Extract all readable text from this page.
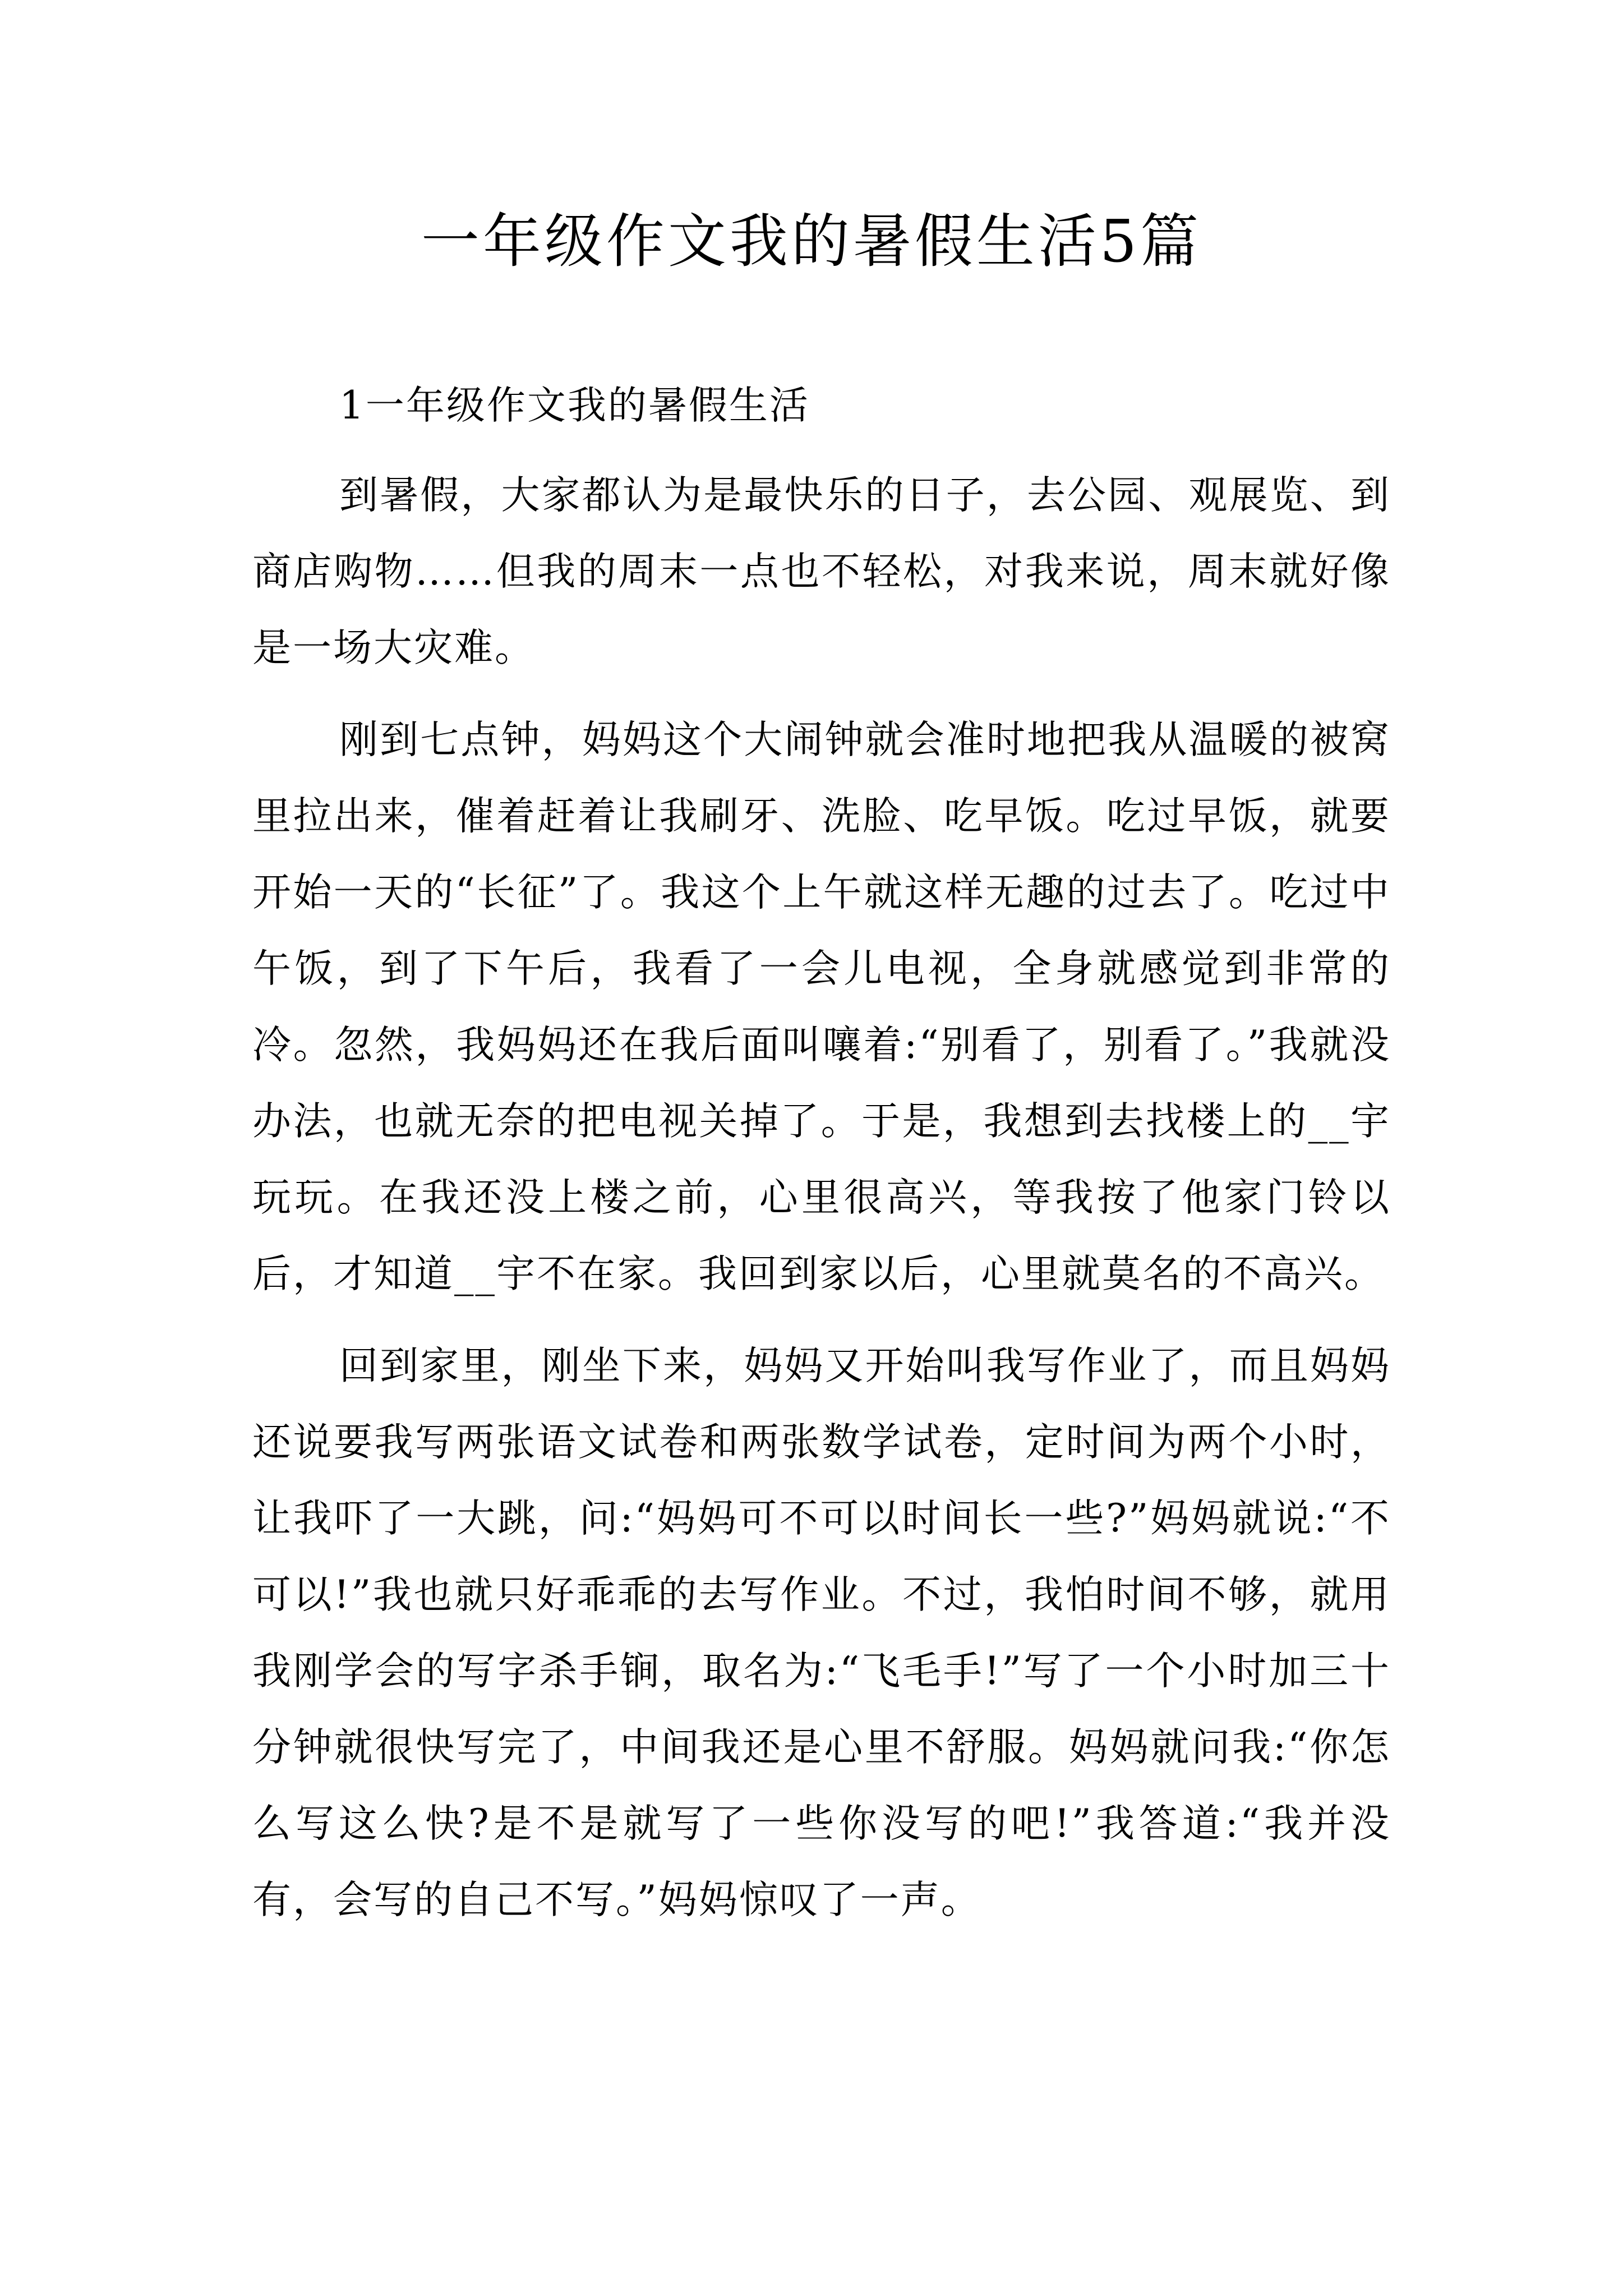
一年级作文我的暑假生活5篇

1一年级作文我的暑假生活

到暑假，大家都认为是最快乐的日子，去公园、观展览、到商店购物……但我的周末一点也不轻松，对我来说，周末就好像是一场大灾难。

刚到七点钟，妈妈这个大闹钟就会准时地把我从温暖的被窝里拉出来，催着赶着让我刷牙、洗脸、吃早饭。吃过早饭，就要开始一天的“长征”了。我这个上午就这样无趣的过去了。吃过中午饭，到了下午后，我看了一会儿电视，全身就感觉到非常的冷。忽然，我妈妈还在我后面叫嚷着:“别看了，别看了。”我就没办法，也就无奈的把电视关掉了。于是，我想到去找楼上的__宇玩玩。在我还没上楼之前，心里很高兴，等我按了他家门铃以后，才知道__宇不在家。我回到家以后，心里就莫名的不高兴。

回到家里，刚坐下来，妈妈又开始叫我写作业了，而且妈妈还说要我写两张语文试卷和两张数学试卷，定时间为两个小时，让我吓了一大跳，问:“妈妈可不可以时间长一些?”妈妈就说:“不可以!”我也就只好乖乖的去写作业。不过，我怕时间不够，就用我刚学会的写字杀手锏，取名为:“飞毛手!”写了一个小时加三十分钟就很快写完了，中间我还是心里不舒服。妈妈就问我:“你怎么写这么快?是不是就写了一些你没写的吧!”我答道:“我并没有，会写的自己不写。”妈妈惊叹了一声。
